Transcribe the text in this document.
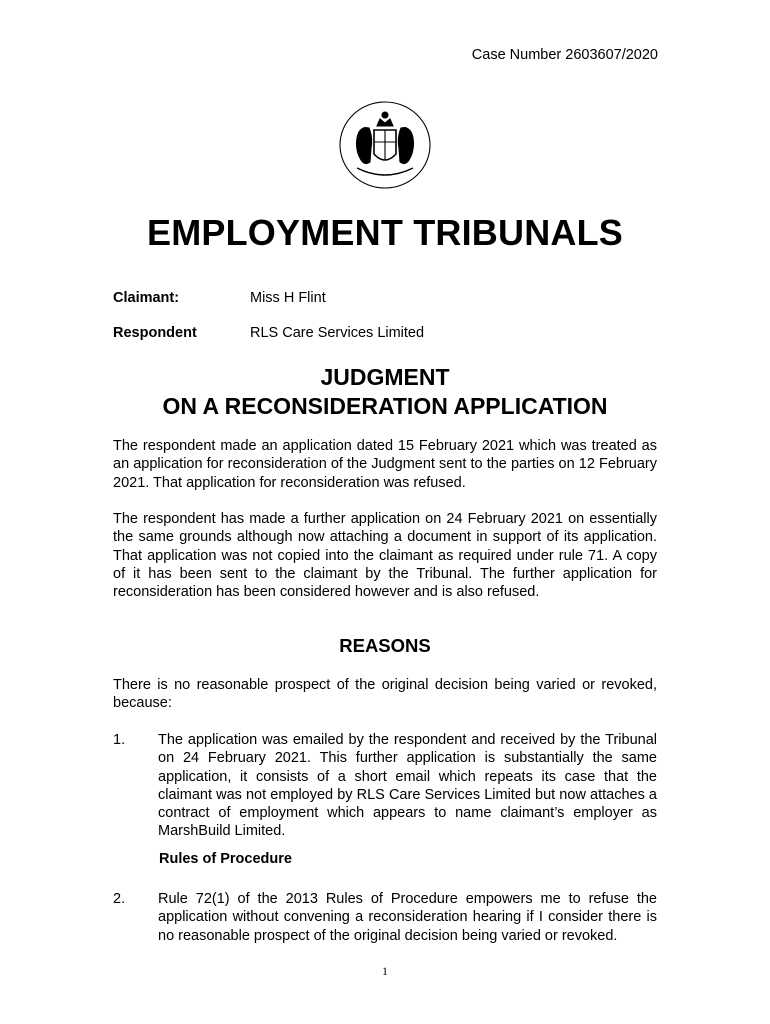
Case Number 2603607/2020
EMPLOYMENT TRIBUNALS
Claimant:	Miss H Flint
Respondent	RLS Care Services Limited
JUDGMENT
ON A RECONSIDERATION APPLICATION

The respondent made an application dated 15 February 2021 which was treated as an application for reconsideration of the Judgment sent to the parties on 12 February 2021. That application for reconsideration was refused.

The respondent has made a further application on 24 February 2021 on essentially the same grounds although now attaching a document in support of its application. That application was not copied into the claimant as required under rule 71. A copy of it has been sent to the claimant by the Tribunal. The further application for reconsideration has been considered however and is also refused.

REASONS

There is no reasonable prospect of the original decision being varied or revoked, because:

1. The application was emailed by the respondent and received by the Tribunal on 24 February 2021. This further application is substantially the same application, it consists of a short email which repeats its case that the claimant was not employed by RLS Care Services Limited but now attaches a contract of employment which appears to name claimant’s employer as MarshBuild Limited.

Rules of Procedure
2. Rule 72(1) of the 2013 Rules of Procedure empowers me to refuse the application without convening a reconsideration hearing if I consider there is no reasonable prospect of the original decision being varied or revoked.

1
